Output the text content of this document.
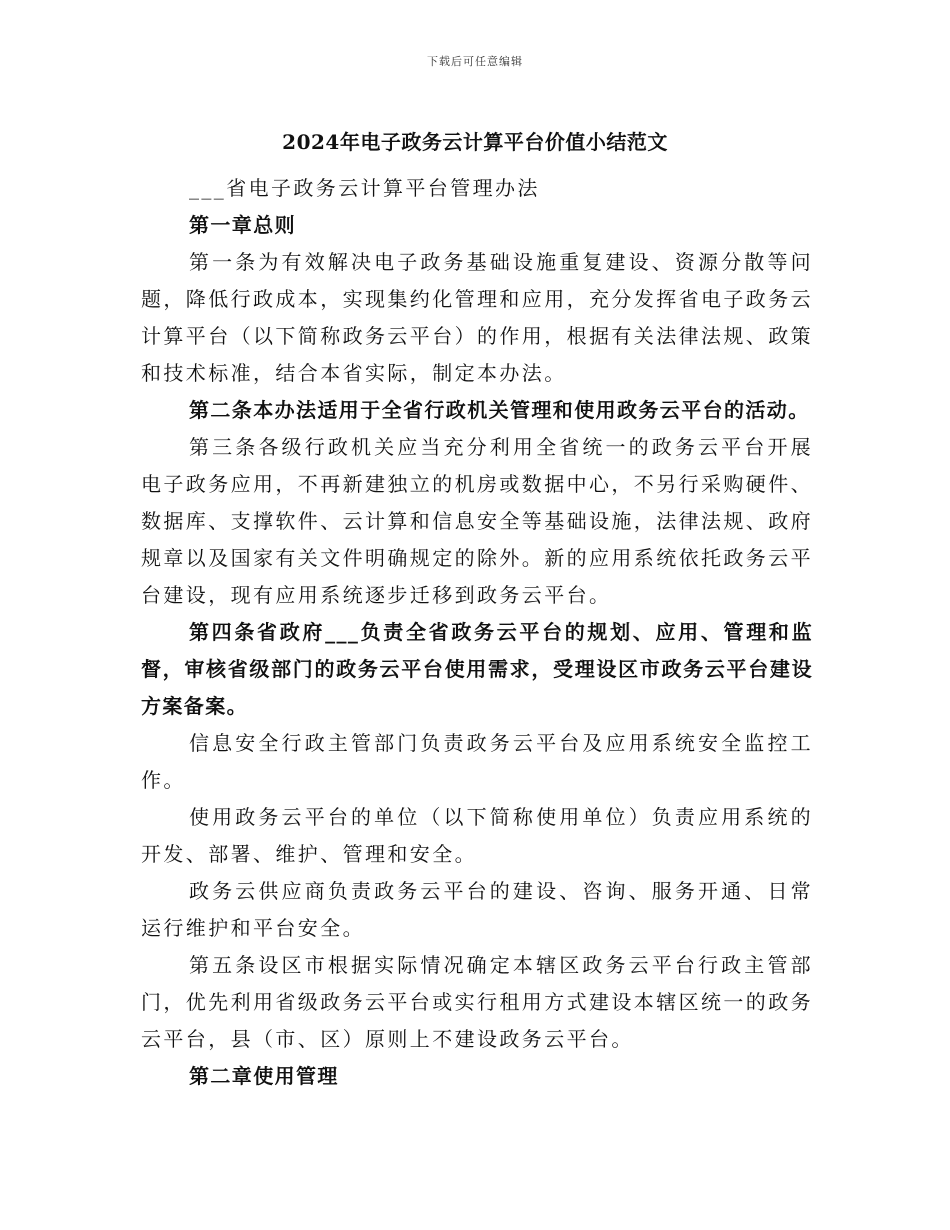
下载后可任意编辑
2024年电子政务云计算平台价值小结范文

___省电子政务云计算平台管理办法

第一章总则

第一条为有效解决电子政务基础设施重复建设、资源分散等问题，降低行政成本，实现集约化管理和应用，充分发挥省电子政务云计算平台（以下简称政务云平台）的作用，根据有关法律法规、政策和技术标准，结合本省实际，制定本办法。

第二条本办法适用于全省行政机关管理和使用政务云平台的活动。

第三条各级行政机关应当充分利用全省统一的政务云平台开展电子政务应用，不再新建独立的机房或数据中心，不另行采购硬件、数据库、支撑软件、云计算和信息安全等基础设施，法律法规、政府规章以及国家有关文件明确规定的除外。新的应用系统依托政务云平台建设，现有应用系统逐步迁移到政务云平台。

第四条省政府___负责全省政务云平台的规划、应用、管理和监督，审核省级部门的政务云平台使用需求，受理设区市政务云平台建设方案备案。

信息安全行政主管部门负责政务云平台及应用系统安全监控工作。

使用政务云平台的单位（以下简称使用单位）负责应用系统的开发、部署、维护、管理和安全。

政务云供应商负责政务云平台的建设、咨询、服务开通、日常运行维护和平台安全。

第五条设区市根据实际情况确定本辖区政务云平台行政主管部门，优先利用省级政务云平台或实行租用方式建设本辖区统一的政务云平台，县（市、区）原则上不建设政务云平台。

第二章使用管理
